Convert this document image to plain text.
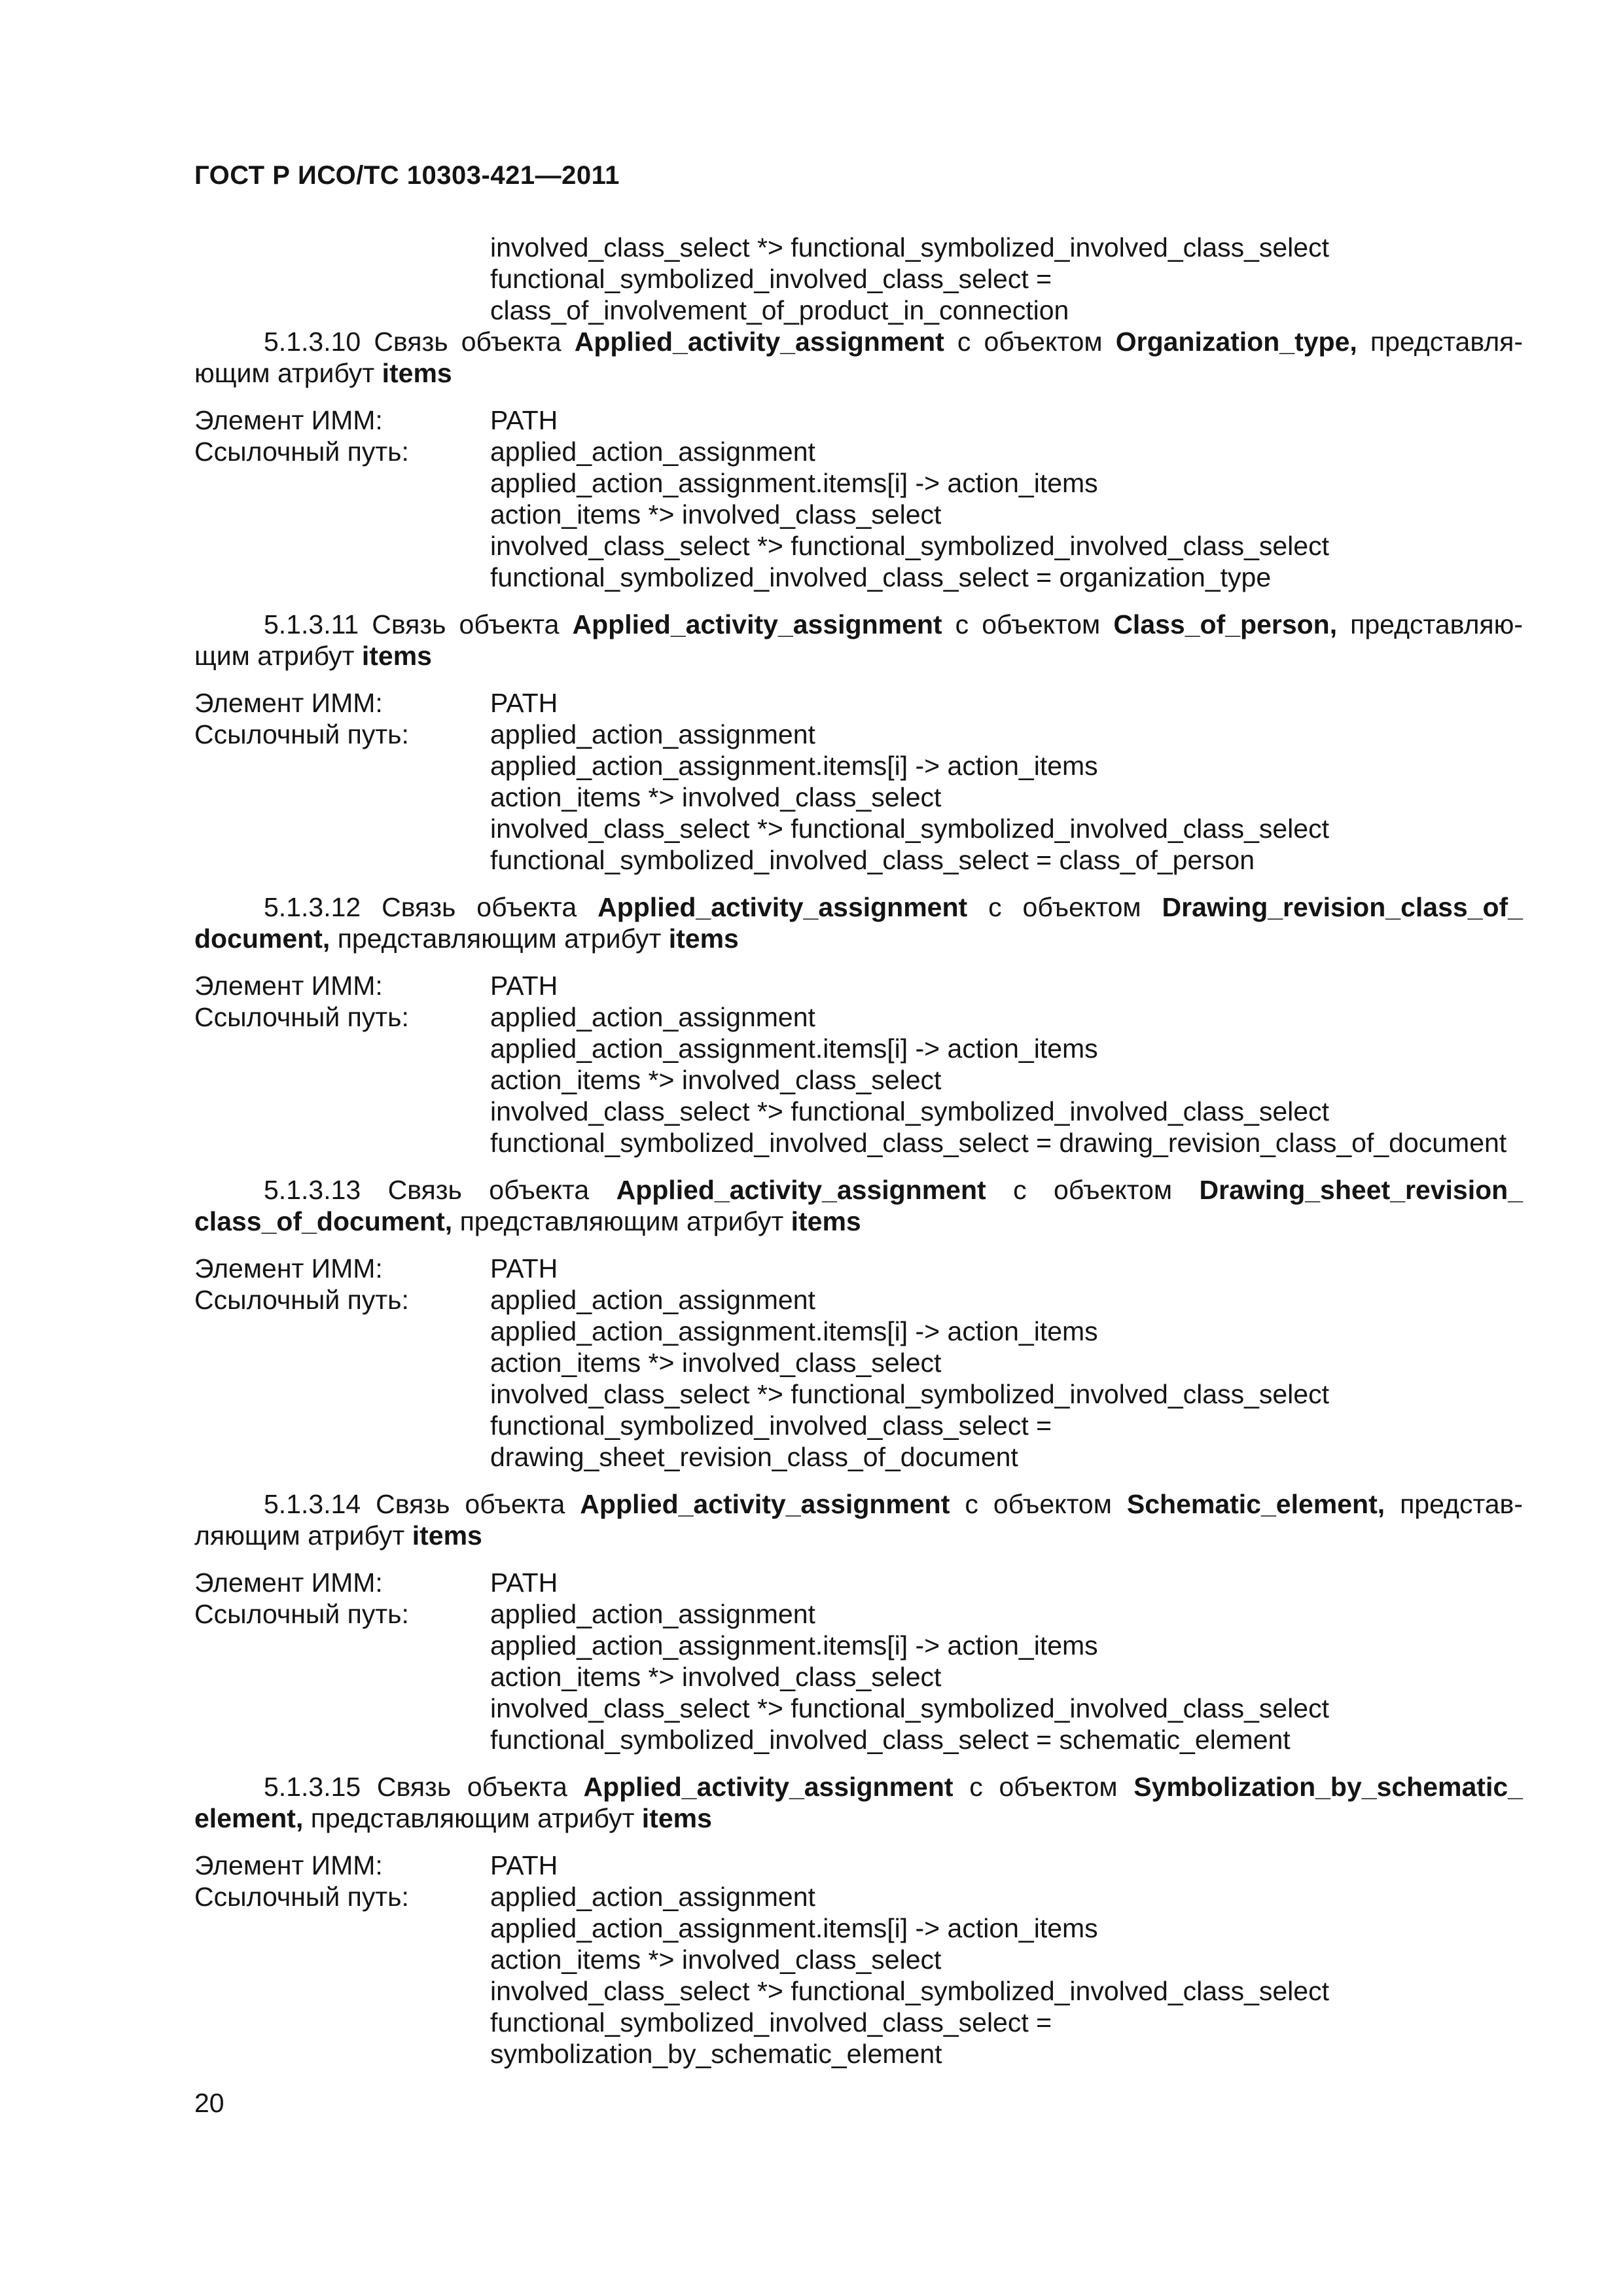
ГОСТ Р ИСО/ТС 10303-421—2011
involved_class_select *> functional_symbolized_involved_class_select
functional_symbolized_involved_class_select =
class_of_involvement_of_product_in_connection

5.1.3.10 Связь объекта Applied_activity_assignment с объектом Organization_type, представля-ющим атрибут items

Элемент ИММ:
Ссылочный путь:
PATH
applied_action_assignment
applied_action_assignment.items[i] -> action_items
action_items *> involved_class_select
involved_class_select *> functional_symbolized_involved_class_select
functional_symbolized_involved_class_select = organization_type

5.1.3.11 Связь объекта Applied_activity_assignment с объектом Class_of_person, представляю-щим атрибут items

Элемент ИММ:
Ссылочный путь:
PATH
applied_action_assignment
applied_action_assignment.items[i] -> action_items
action_items *> involved_class_select
involved_class_select *> functional_symbolized_involved_class_select
functional_symbolized_involved_class_select = class_of_person

5.1.3.12 Связь объекта Applied_activity_assignment с объектом Drawing_revision_class_of_ document, представляющим атрибут items

Элемент ИММ:
Ссылочный путь:
PATH
applied_action_assignment
applied_action_assignment.items[i] -> action_items
action_items *> involved_class_select
involved_class_select *> functional_symbolized_involved_class_select
functional_symbolized_involved_class_select = drawing_revision_class_of_document

5.1.3.13 Связь объекта Applied_activity_assignment с объектом Drawing_sheet_revision_ class_of_document, представляющим атрибут items

Элемент ИММ:
Ссылочный путь:
PATH
applied_action_assignment
applied_action_assignment.items[i] -> action_items
action_items *> involved_class_select
involved_class_select *> functional_symbolized_involved_class_select
functional_symbolized_involved_class_select =
drawing_sheet_revision_class_of_document

5.1.3.14 Связь объекта Applied_activity_assignment с объектом Schematic_element, представ-ляющим атрибут items

Элемент ИММ:
Ссылочный путь:
PATH
applied_action_assignment
applied_action_assignment.items[i] -> action_items
action_items *> involved_class_select
involved_class_select *> functional_symbolized_involved_class_select
functional_symbolized_involved_class_select = schematic_element

5.1.3.15 Связь объекта Applied_activity_assignment с объектом Symbolization_by_schematic_ element, представляющим атрибут items

Элемент ИММ:
Ссылочный путь:
PATH
applied_action_assignment
applied_action_assignment.items[i] -> action_items
action_items *> involved_class_select
involved_class_select *> functional_symbolized_involved_class_select
functional_symbolized_involved_class_select =
symbolization_by_schematic_element
20
